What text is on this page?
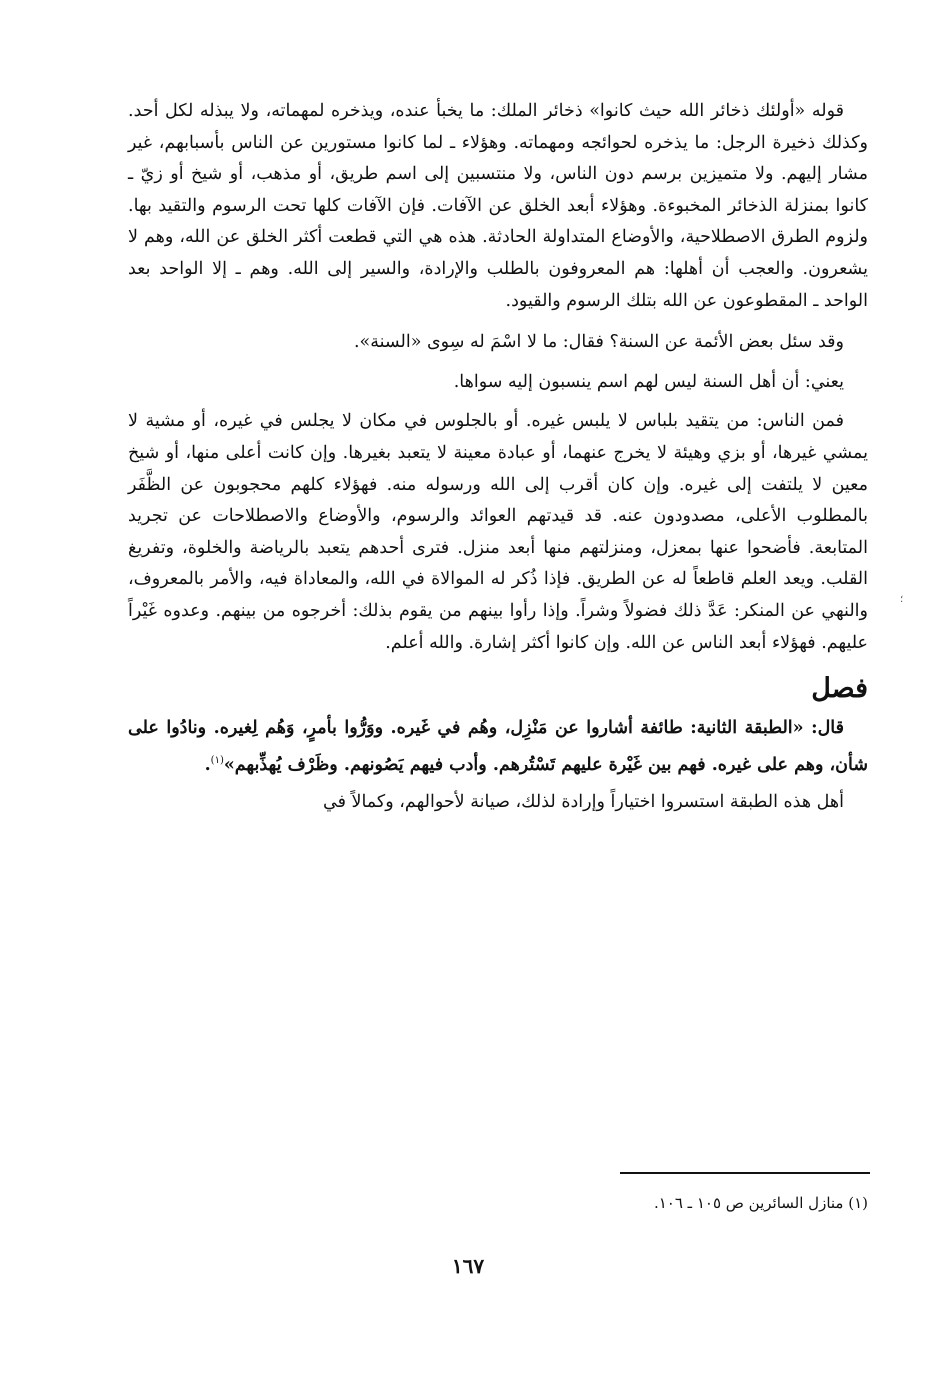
قوله «أولئك ذخائر الله حيث كانوا» ذخائر الملك: ما يخبأ عنده، ويذخره لمهماته، ولا يبذله لكل أحد. وكذلك ذخيرة الرجل: ما يذخره لحوائجه ومهماته. وهؤلاء ـ لما كانوا مستورين عن الناس بأسبابهم، غير مشار إليهم. ولا متميزين برسم دون الناس، ولا منتسبين إلى اسم طريق، أو مذهب، أو شيخ أو زيّ ـ كانوا بمنزلة الذخائر المخبوءة. وهؤلاء أبعد الخلق عن الآفات. فإن الآفات كلها تحت الرسوم والتقيد بها. ولزوم الطرق الاصطلاحية، والأوضاع المتداولة الحادثة. هذه هي التي قطعت أكثر الخلق عن الله، وهم لا يشعرون. والعجب أن أهلها: هم المعروفون بالطلب والإرادة، والسير إلى الله. وهم ـ إلا الواحد بعد الواحد ـ المقطوعون عن الله بتلك الرسوم والقيود.

وقد سئل بعض الأئمة عن السنة؟ فقال: ما لا اسْمَ له سِوى «السنة».

يعني: أن أهل السنة ليس لهم اسم ينسبون إليه سواها.

فمن الناس: من يتقيد بلباس لا يلبس غيره. أو بالجلوس في مكان لا يجلس في غيره، أو مشية لا يمشي غيرها، أو بزي وهيئة لا يخرج عنهما، أو عبادة معينة لا يتعبد بغيرها. وإن كانت أعلى منها، أو شيخ معين لا يلتفت إلى غيره. وإن كان أقرب إلى الله ورسوله منه. فهؤلاء كلهم محجوبون عن الظَّفَر بالمطلوب الأعلى، مصدودون عنه. قد قيدتهم العوائد والرسوم، والأوضاع والاصطلاحات عن تجريد المتابعة. فأضحوا عنها بمعزل، ومنزلتهم منها أبعد منزل. فترى أحدهم يتعبد بالرياضة والخلوة، وتفريغ القلب. ويعد العلم قاطعاً له عن الطريق. فإذا ذُكر له الموالاة في الله، والمعاداة فيه، والأمر بالمعروف، والنهي عن المنكر: عَدَّ ذلك فضولاً وشراً. وإذا رأوا بينهم من يقوم بذلك: أخرجوه من بينهم. وعدوه غَيْراً عليهم. فهؤلاء أبعد الناس عن الله. وإن كانوا أكثر إشارة. والله أعلم.

فصل

قال: «الطبقة الثانية: طائفة أشاروا عن مَنْزِل، وهُم في غَيره. ووَرُّوا بأمرٍ، وَهُم لِغيره. ونادُوا على شأن، وهم على غيره. فهم بين غَيْرة عليهم تَسْتُرهم. وأدب فيهم يَصُونهم. وظَرْف يُهذِّبهم»$^{(١)}$.

أهل هذه الطبقة استسروا اختياراً وإرادة لذلك، صيانة لأحوالهم، وكمالاً في

(١) منازل السائرين ص ١٠٥ ـ ١٠٦.
١٦٧
؛
